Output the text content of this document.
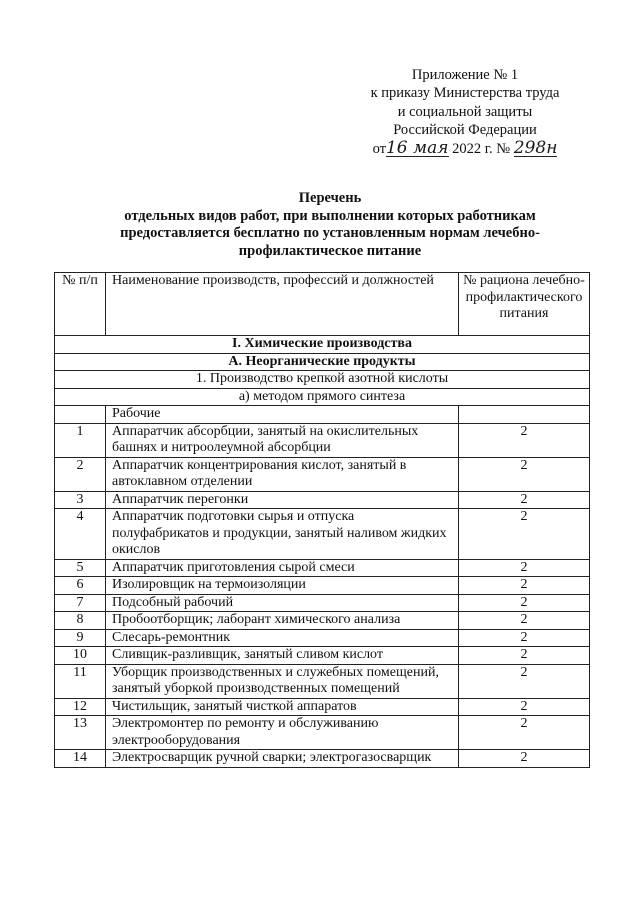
Приложение № 1
к приказу Министерства труда
и социальной защиты
Российской Федерации
от16 мая 2022 г. № 298н
Перечень
отдельных видов работ, при выполнении которых работникам
предоставляется бесплатно по установленным нормам лечебно-
профилактическое питание
№ п/п	Наименование производств, профессий и должностей	№ рациона лечебно-профилактического питания
I. Химические производства		
А. Неорганические продукты		
1. Производство крепкой азотной кислоты		
а) методом прямого синтеза		
	Рабочие	
1	Аппаратчик абсорбции, занятый на окислительных башнях и нитроолеумной абсорбции	2
2	Аппаратчик концентрирования кислот, занятый в автоклавном отделении	2
3	Аппаратчик перегонки	2
4	Аппаратчик подготовки сырья и отпуска полуфабрикатов и продукции, занятый наливом жидких окислов	2
5	Аппаратчик приготовления сырой смеси	2
6	Изолировщик на термоизоляции	2
7	Подсобный рабочий	2
8	Пробоотборщик; лаборант химического анализа	2
9	Слесарь-ремонтник	2
10	Сливщик-разливщик, занятый сливом кислот	2
11	Уборщик производственных и служебных помещений, занятый уборкой производственных помещений	2
12	Чистильщик, занятый чисткой аппаратов	2
13	Электромонтер по ремонту и обслуживанию электрооборудования	2
14	Электросварщик ручной сварки; электрогазосварщик	2
